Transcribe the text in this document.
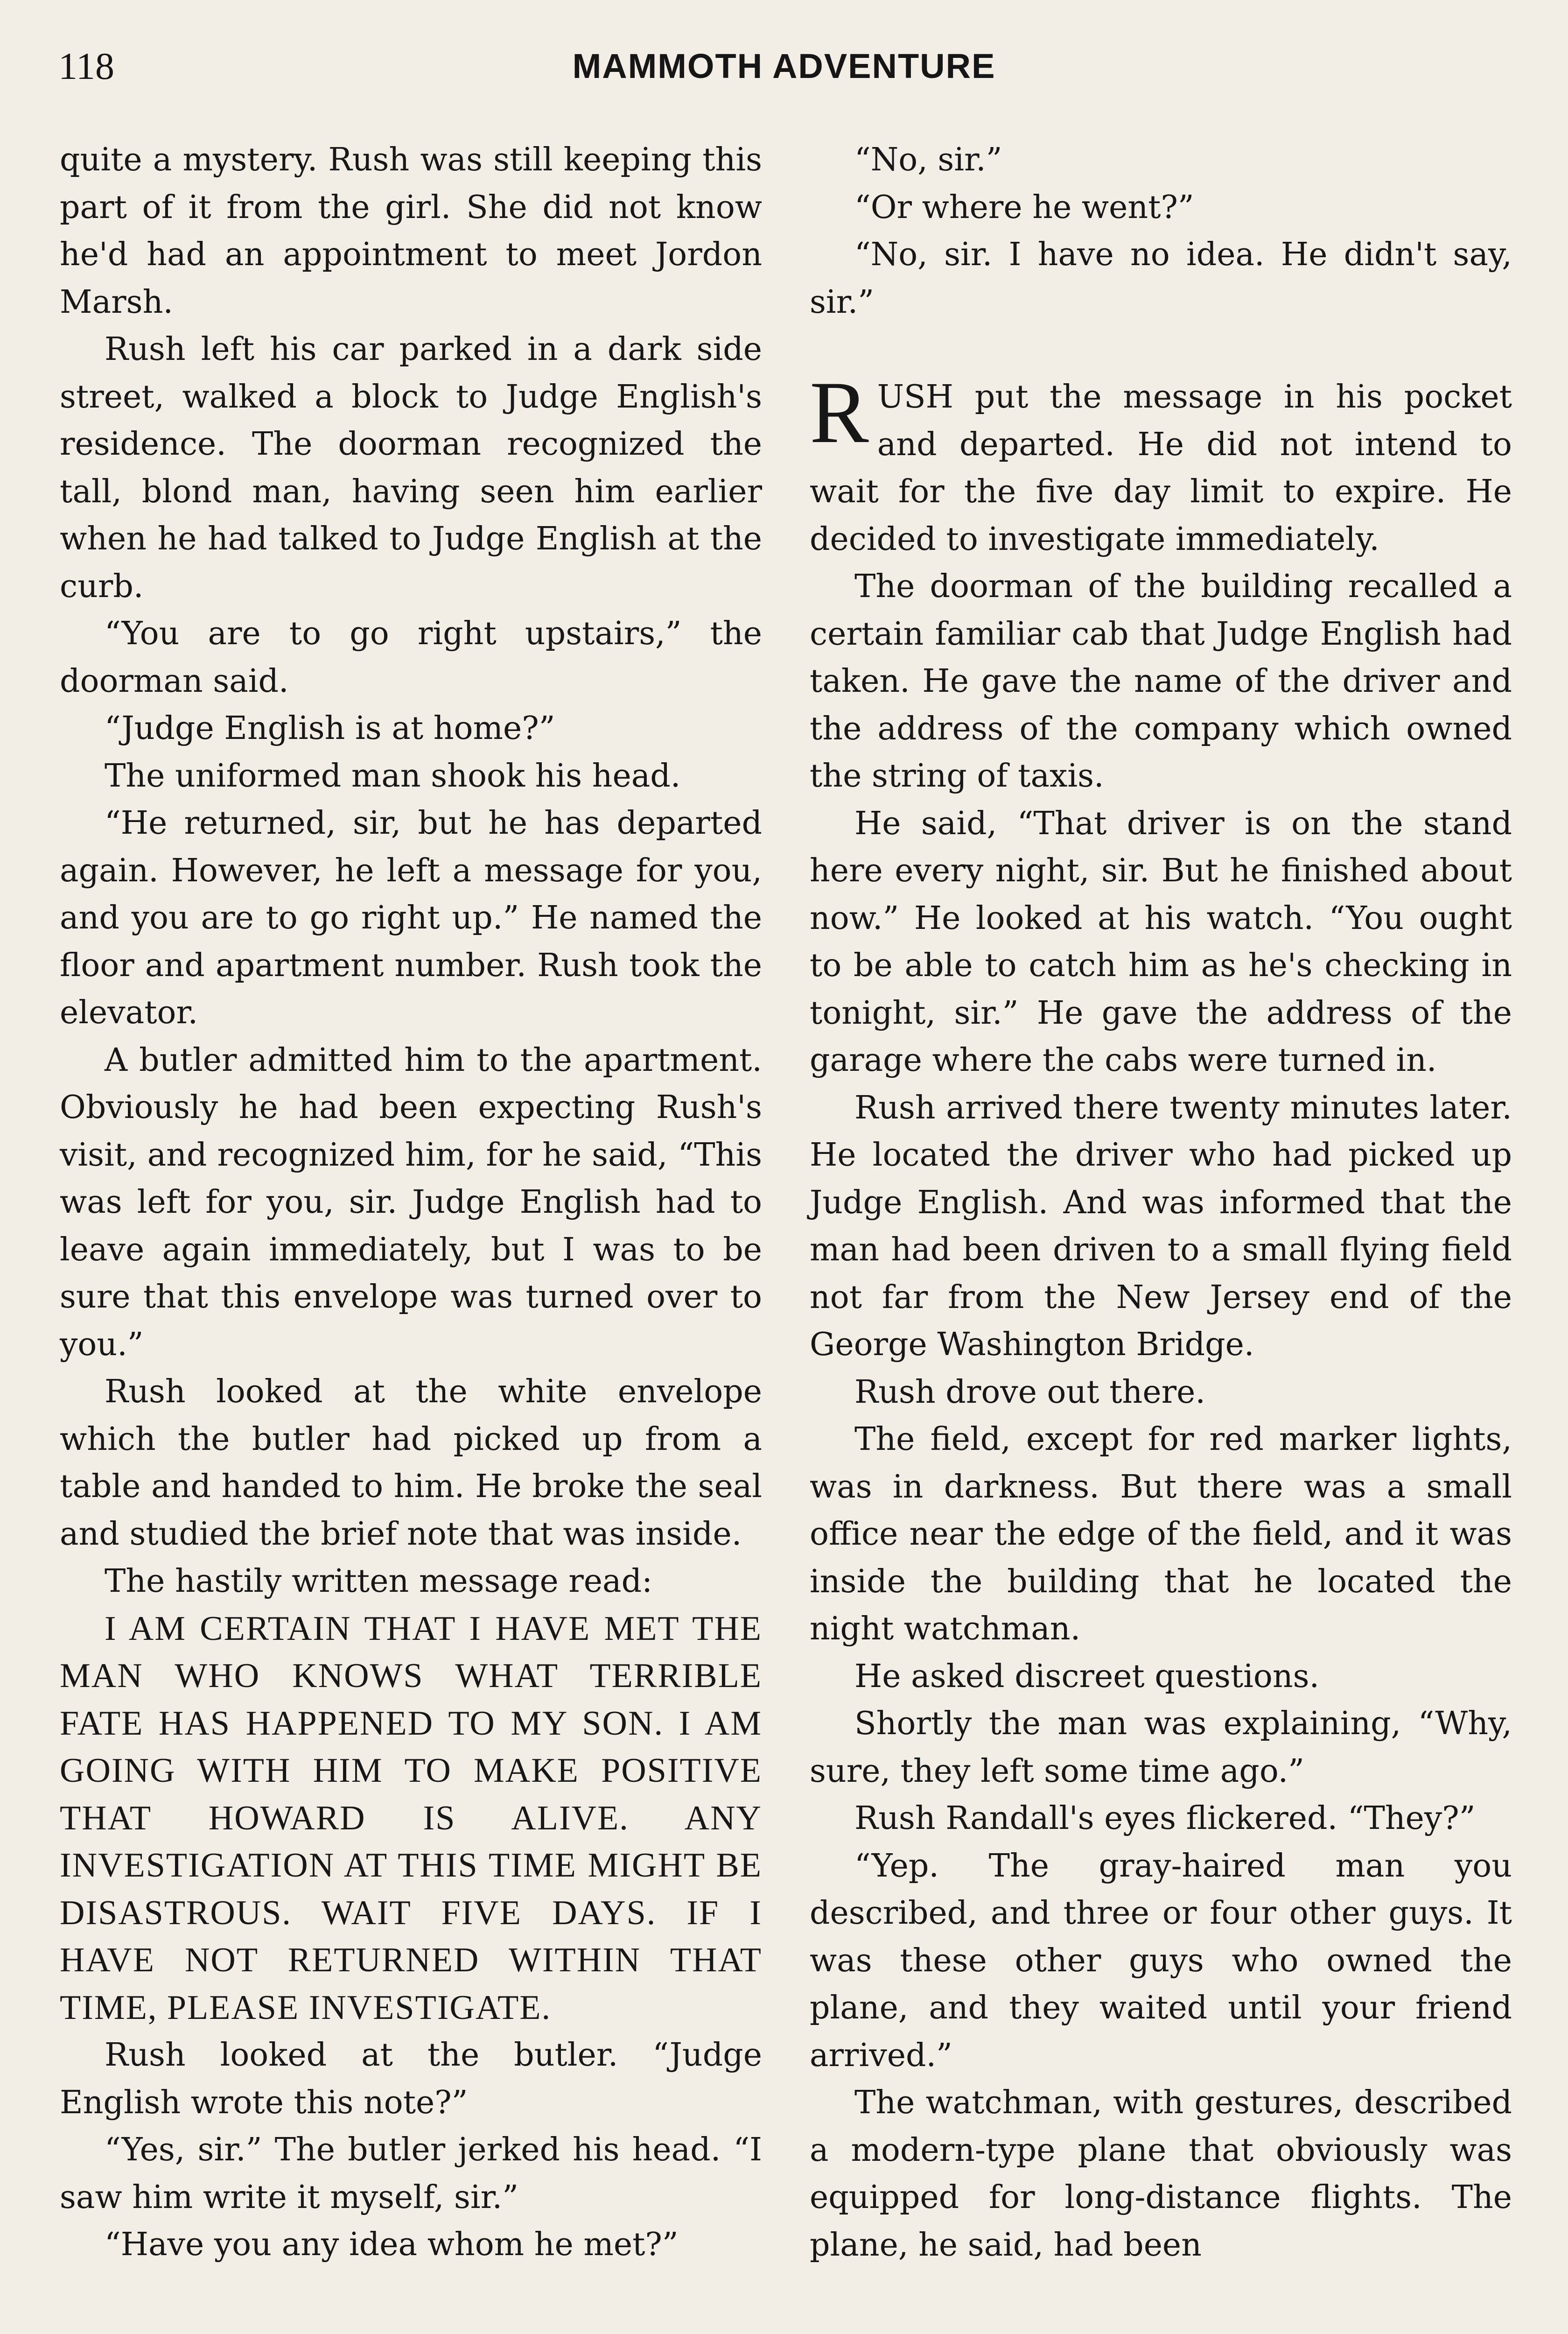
118	MAMMOTH ADVENTURE

quite a mystery. Rush was still keeping this part of it from the girl. She did not know he'd had an appointment to meet Jordon Marsh.

Rush left his car parked in a dark side street, walked a block to Judge English's residence. The doorman recognized the tall, blond man, having seen him earlier when he had talked to Judge English at the curb.

“You are to go right upstairs,” the doorman said.

“Judge English is at home?”

The uniformed man shook his head.

“He returned, sir, but he has departed again. However, he left a message for you, and you are to go right up.” He named the floor and apartment number. Rush took the elevator.

A butler admitted him to the apartment. Obviously he had been expecting Rush's visit, and recognized him, for he said, “This was left for you, sir. Judge English had to leave again immediately, but I was to be sure that this envelope was turned over to you.”

Rush looked at the white envelope which the butler had picked up from a table and handed to him. He broke the seal and studied the brief note that was inside.

The hastily written message read:

I AM CERTAIN THAT I HAVE MET THE MAN WHO KNOWS WHAT TERRIBLE FATE HAS HAPPENED TO MY SON. I AM GOING WITH HIM TO MAKE POSITIVE THAT HOWARD IS ALIVE. ANY INVESTIGATION AT THIS TIME MIGHT BE DISASTROUS. WAIT FIVE DAYS. IF I HAVE NOT RETURNED WITHIN THAT TIME, PLEASE INVESTIGATE.

Rush looked at the butler. “Judge English wrote this note?”

“Yes, sir.” The butler jerked his head. “I saw him write it myself, sir.”

“Have you any idea whom he met?”

“No, sir.”

“Or where he went?”

“No, sir. I have no idea. He didn't say, sir.”

RUSH put the message in his pocket and departed. He did not intend to wait for the five day limit to expire. He decided to investigate immediately.

The doorman of the building recalled a certain familiar cab that Judge English had taken. He gave the name of the driver and the address of the company which owned the string of taxis.

He said, “That driver is on the stand here every night, sir. But he finished about now.” He looked at his watch. “You ought to be able to catch him as he's checking in tonight, sir.” He gave the address of the garage where the cabs were turned in.

Rush arrived there twenty minutes later. He located the driver who had picked up Judge English. And was informed that the man had been driven to a small flying field not far from the New Jersey end of the George Washington Bridge.

Rush drove out there.

The field, except for red marker lights, was in darkness. But there was a small office near the edge of the field, and it was inside the building that he located the night watchman.

He asked discreet questions.

Shortly the man was explaining, “Why, sure, they left some time ago.”

Rush Randall's eyes flickered. “They?”

“Yep. The gray-haired man you described, and three or four other guys. It was these other guys who owned the plane, and they waited until your friend arrived.”

The watchman, with gestures, described a modern-type plane that obviously was equipped for long-distance flights. The plane, he said, had been
